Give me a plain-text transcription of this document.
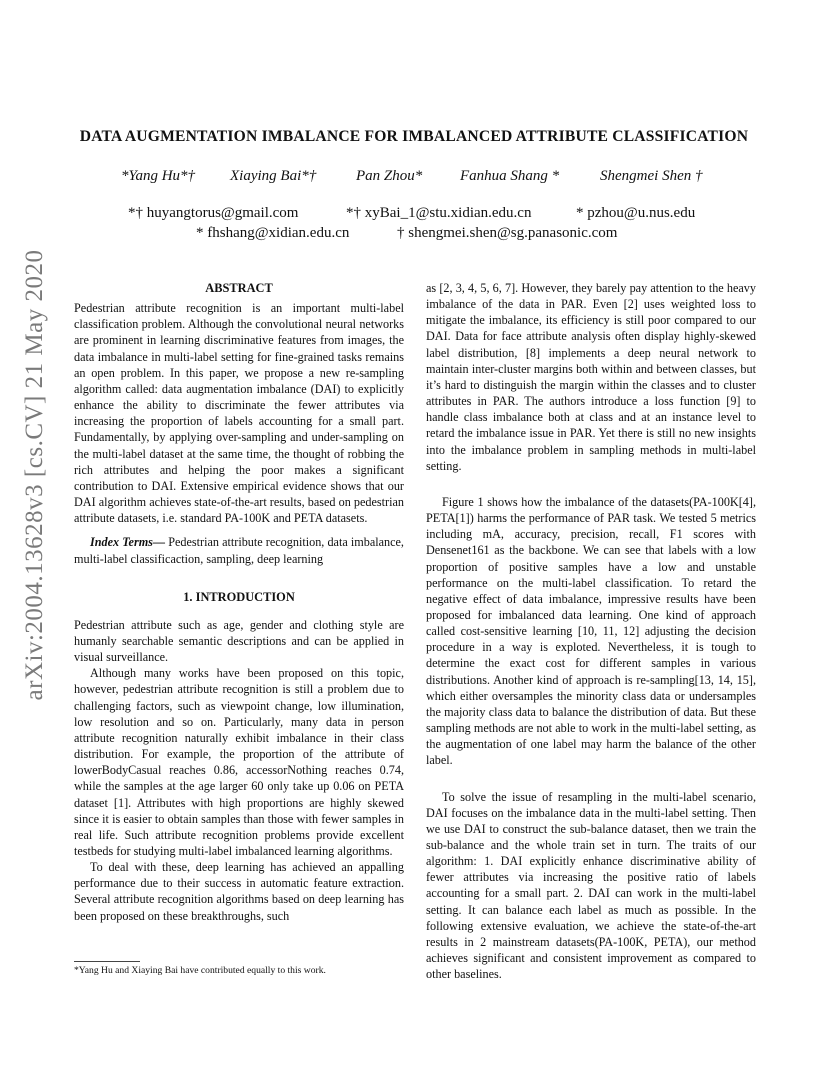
arXiv:2004.13628v3 [cs.CV] 21 May 2020
DATA AUGMENTATION IMBALANCE FOR IMBALANCED ATTRIBUTE CLASSIFICATION
*Yang Hu*† Xiaying Bai*†	Pan Zhou*	Fanhua Shang *	Shengmei Shen †
*† huyangtorus@gmail.com	*† xyBai_1@stu.xidian.edu.cn	* pzhou@u.nus.edu
* fhshang@xidian.edu.cn	† shengmei.shen@sg.panasonic.com

ABSTRACT

Pedestrian attribute recognition is an important multi-label classification problem. Although the convolutional neural networks are prominent in learning discriminative features from images, the data imbalance in multi-label setting for fine-grained tasks remains an open problem. In this paper, we propose a new re-sampling algorithm called: data augmentation imbalance (DAI) to explicitly enhance the ability to discriminate the fewer attributes via increasing the proportion of labels accounting for a small part. Fundamentally, by applying over-sampling and under-sampling on the multi-label dataset at the same time, the thought of robbing the rich attributes and helping the poor makes a significant contribution to DAI. Extensive empirical evidence shows that our DAI algorithm achieves state-of-the-art results, based on pedestrian attribute datasets, i.e. standard PA-100K and PETA datasets.

Index Terms— Pedestrian attribute recognition, data imbalance, multi-label classificaction, sampling, deep learning

1. INTRODUCTION

Pedestrian attribute such as age, gender and clothing style are humanly searchable semantic descriptions and can be applied in visual surveillance.

Although many works have been proposed on this topic, however, pedestrian attribute recognition is still a problem due to challenging factors, such as viewpoint change, low illumination, low resolution and so on. Particularly, many data in person attribute recognition naturally exhibit imbalance in their class distribution. For example, the proportion of the attribute of lowerBodyCasual reaches 0.86, accessorNothing reaches 0.74, while the samples at the age larger 60 only take up 0.06 on PETA dataset [1]. Attributes with high proportions are highly skewed since it is easier to obtain samples than those with fewer samples in real life. Such attribute recognition problems provide excellent testbeds for studying multi-label imbalanced learning algorithms.

To deal with these, deep learning has achieved an appalling performance due to their success in automatic feature extraction. Several attribute recognition algorithms based on deep learning has been proposed on these breakthroughs, such

as [2, 3, 4, 5, 6, 7]. However, they barely pay attention to the heavy imbalance of the data in PAR. Even [2] uses weighted loss to mitigate the imbalance, its efficiency is still poor compared to our DAI. Data for face attribute analysis often display highly-skewed label distribution, [8] implements a deep neural network to maintain inter-cluster margins both within and between classes, but it’s hard to distinguish the margin within the classes and to cluster attributes in PAR. The authors introduce a loss function [9] to handle class imbalance both at class and at an instance level to retard the imbalance issue in PAR. Yet there is still no new insights into the imbalance problem in sampling methods in multi-label setting.

Figure 1 shows how the imbalance of the datasets(PA-100K[4], PETA[1]) harms the performance of PAR task. We tested 5 metrics including mA, accuracy, precision, recall, F1 scores with Densenet161 as the backbone. We can see that labels with a low proportion of positive samples have a low and unstable performance on the multi-label classification. To retard the negative effect of data imbalance, impressive results have been proposed for imbalanced data learning. One kind of approach called cost-sensitive learning [10, 11, 12] adjusting the decision procedure in a way is exploted. Nevertheless, it is tough to determine the exact cost for different samples in various distributions. Another kind of approach is re-sampling[13, 14, 15], which either oversamples the minority class data or undersamples the majority class data to balance the distribution of data. But these sampling methods are not able to work in the multi-label setting, as the augmentation of one label may harm the balance of the other label.

To solve the issue of resampling in the multi-label scenario, DAI focuses on the imbalance data in the multi-label setting. Then we use DAI to construct the sub-balance dataset, then we train the sub-balance and the whole train set in turn. The traits of our algorithm: 1. DAI explicitly enhance discriminative ability of fewer attributes via increasing the positive ratio of labels accounting for a small part. 2. DAI can work in the multi-label setting. It can balance each label as much as possible. In the following extensive evaluation, we achieve the state-of-the-art results in 2 mainstream datasets(PA-100K, PETA), our method achieves significant and consistent improvement as compared to other baselines.

*Yang Hu and Xiaying Bai have contributed equally to this work.
